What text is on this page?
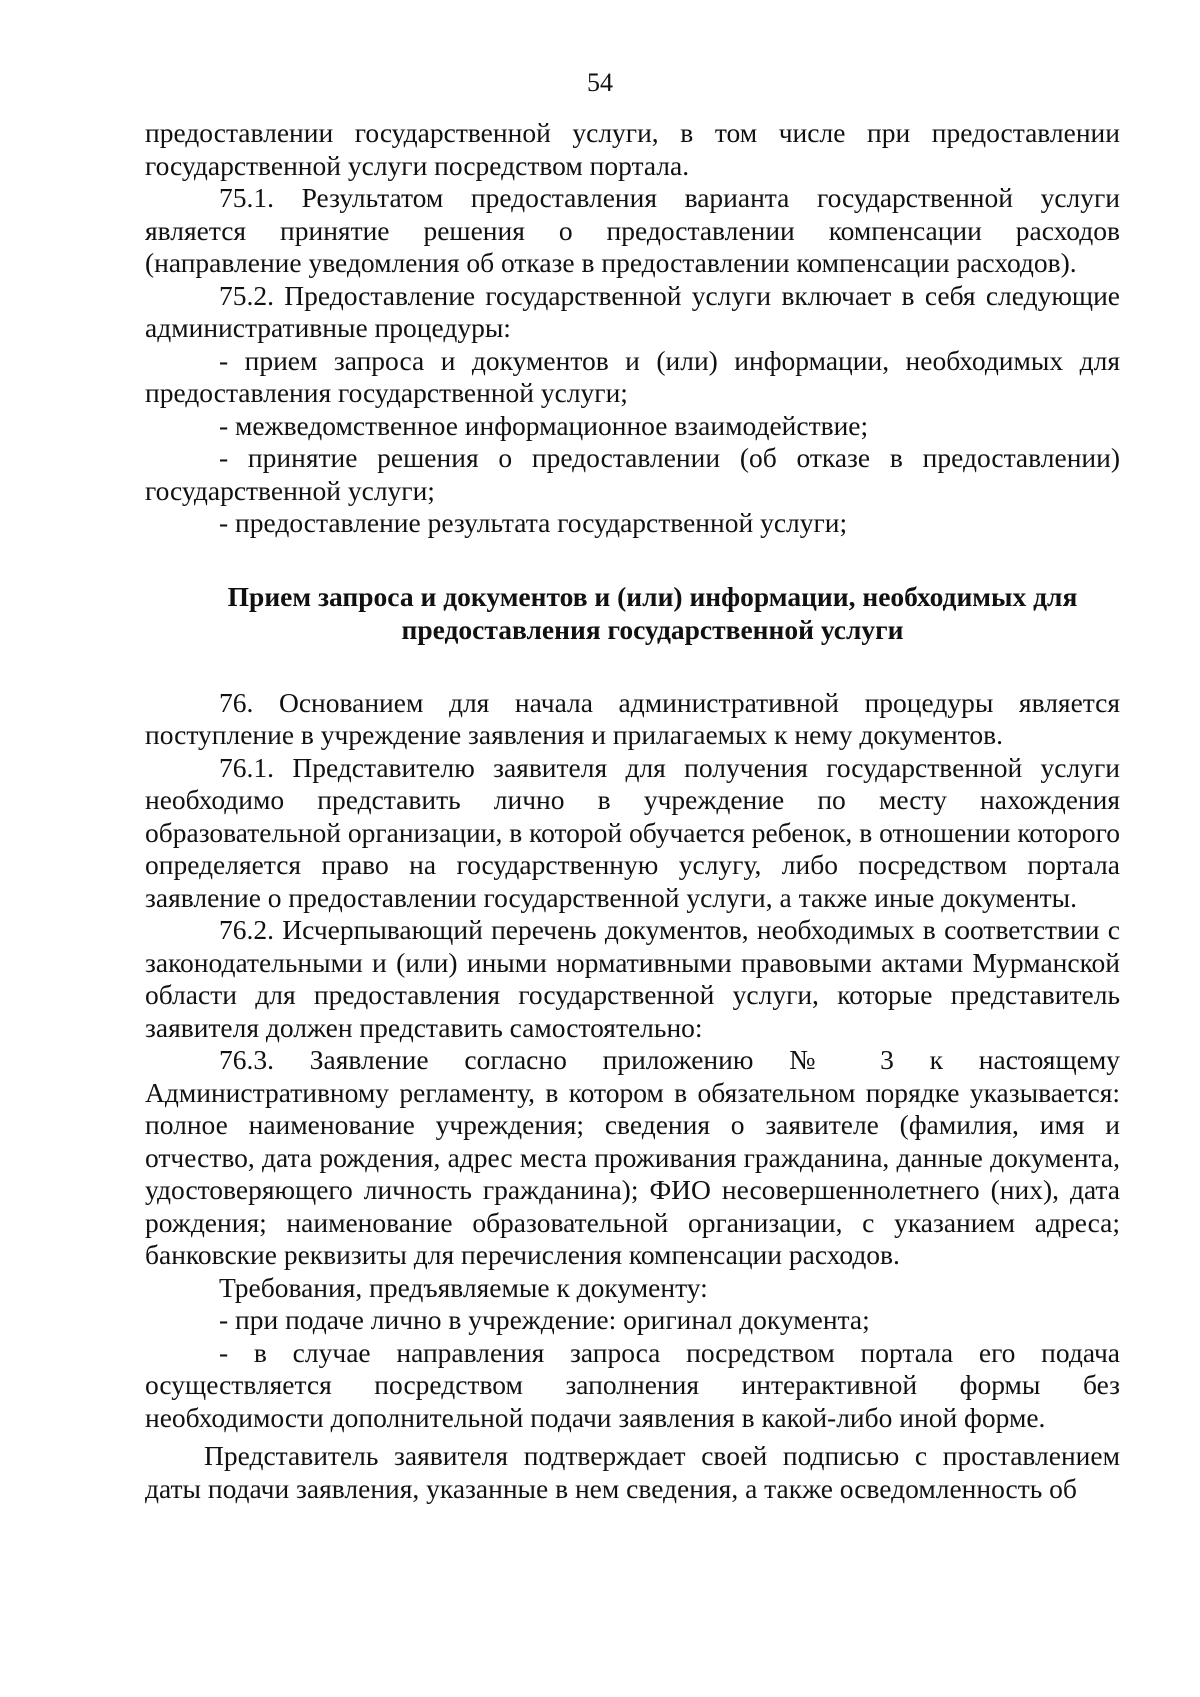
54

предоставлении государственной услуги, в том числе при предоставлении государственной услуги посредством портала.

75.1. Результатом предоставления варианта государственной услуги является принятие решения о предоставлении компенсации расходов (направление уведомления об отказе в предоставлении компенсации расходов).

75.2. Предоставление государственной услуги включает в себя следующие административные процедуры:

- прием запроса и документов и (или) информации, необходимых для предоставления государственной услуги;

- межведомственное информационное взаимодействие;

- принятие решения о предоставлении (об отказе в предоставлении) государственной услуги;

- предоставление результата государственной услуги;

Прием запроса и документов и (или) информации, необходимых для
предоставления государственной услуги

76. Основанием для начала административной процедуры является поступление в учреждение заявления и прилагаемых к нему документов.

76.1. Представителю заявителя для получения государственной услуги необходимо представить лично в учреждение по месту нахождения образовательной организации, в которой обучается ребенок, в отношении которого определяется право на государственную услугу, либо посредством портала заявление о предоставлении государственной услуги, а также иные документы.

76.2. Исчерпывающий перечень документов, необходимых в соответствии с законодательными и (или) иными нормативными правовыми актами Мурманской области для предоставления государственной услуги, которые представитель заявителя должен представить самостоятельно:

76.3. Заявление согласно приложению № 3 к настоящему Административному регламенту, в котором в обязательном порядке указывается: полное наименование учреждения; сведения о заявителе (фамилия, имя и отчество, дата рождения, адрес места проживания гражданина, данные документа, удостоверяющего личность гражданина); ФИО несовершеннолетнего (них), дата рождения; наименование образовательной организации, с указанием адреса; банковские реквизиты для перечисления компенсации расходов.

Требования, предъявляемые к документу:

- при подаче лично в учреждение: оригинал документа;

- в случае направления запроса посредством портала его подача осуществляется посредством заполнения интерактивной формы без необходимости дополнительной подачи заявления в какой-либо иной форме.

Представитель заявителя подтверждает своей подписью с проставлением даты подачи заявления, указанные в нем сведения, а также осведомленность об
